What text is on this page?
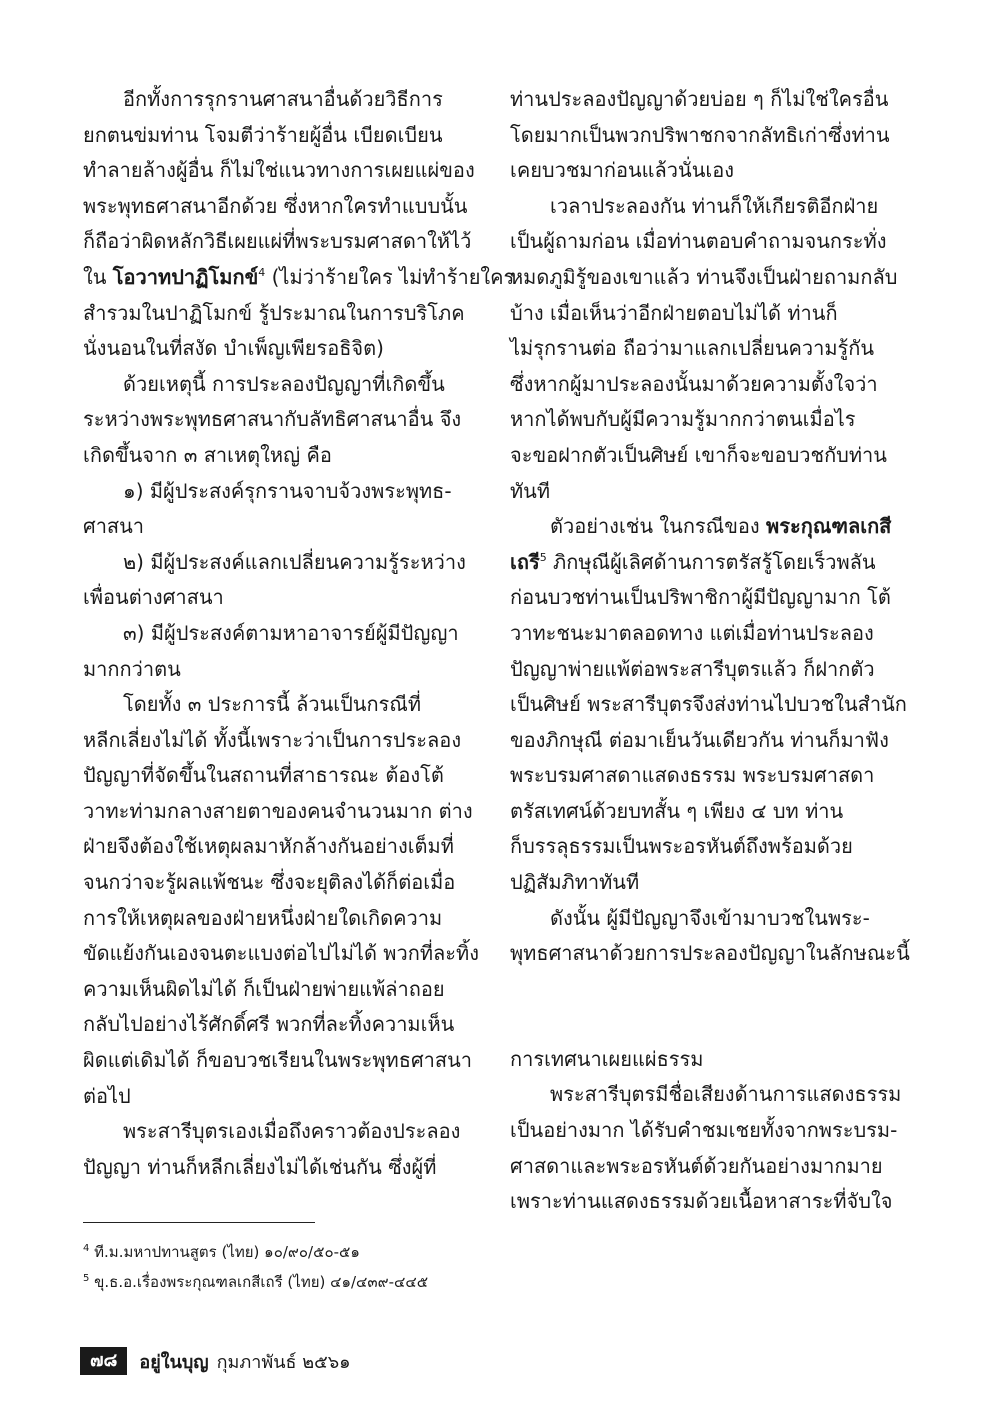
อีกทั้งการรุกรานศาสนาอื่นด้วยวิธีการ
ยกตนข่มท่าน โจมตีว่าร้ายผู้อื่น เบียดเบียน
ทำลายล้างผู้อื่น ก็ไม่ใช่แนวทางการเผยแผ่ของ
พระพุทธศาสนาอีกด้วย ซึ่งหากใครทำแบบนั้น
ก็ถือว่าผิดหลักวิธีเผยแผ่ที่พระบรมศาสดาให้ไว้
ใน โอวาทปาฏิโมกข์$^4$ (ไม่ว่าร้ายใคร ไม่ทำร้ายใคร
สำรวมในปาฏิโมกข์ รู้ประมาณในการบริโภค
นั่งนอนในที่สงัด บำเพ็ญเพียรอธิจิต)
ด้วยเหตุนี้ การประลองปัญญาที่เกิดขึ้น
ระหว่างพระพุทธศาสนากับลัทธิศาสนาอื่น จึง
เกิดขึ้นจาก ๓ สาเหตุใหญ่ คือ
๑) มีผู้ประสงค์รุกรานจาบจ้วงพระพุทธ-
ศาสนา
๒) มีผู้ประสงค์แลกเปลี่ยนความรู้ระหว่าง
เพื่อนต่างศาสนา
๓) มีผู้ประสงค์ตามหาอาจารย์ผู้มีปัญญา
มากกว่าตน
โดยทั้ง ๓ ประการนี้ ล้วนเป็นกรณีที่
หลีกเลี่ยงไม่ได้ ทั้งนี้เพราะว่าเป็นการประลอง
ปัญญาที่จัดขึ้นในสถานที่สาธารณะ ต้องโต้
วาทะท่ามกลางสายตาของคนจำนวนมาก ต่าง
ฝ่ายจึงต้องใช้เหตุผลมาหักล้างกันอย่างเต็มที่
จนกว่าจะรู้ผลแพ้ชนะ ซึ่งจะยุติลงได้ก็ต่อเมื่อ
การให้เหตุผลของฝ่ายหนึ่งฝ่ายใดเกิดความ
ขัดแย้งกันเองจนตะแบงต่อไปไม่ได้ พวกที่ละทิ้ง
ความเห็นผิดไม่ได้ ก็เป็นฝ่ายพ่ายแพ้ล่าถอย
กลับไปอย่างไร้ศักดิ์ศรี พวกที่ละทิ้งความเห็น
ผิดแต่เดิมได้ ก็ขอบวชเรียนในพระพุทธศาสนา
ต่อไป
พระสารีบุตรเองเมื่อถึงคราวต้องประลอง
ปัญญา ท่านก็หลีกเลี่ยงไม่ได้เช่นกัน ซึ่งผู้ที่
ท่านประลองปัญญาด้วยบ่อย ๆ ก็ไม่ใช่ใครอื่น
โดยมากเป็นพวกปริพาชกจากลัทธิเก่าซึ่งท่าน
เคยบวชมาก่อนแล้วนั่นเอง
เวลาประลองกัน ท่านก็ให้เกียรติอีกฝ่าย
เป็นผู้ถามก่อน เมื่อท่านตอบคำถามจนกระทั่ง
หมดภูมิรู้ของเขาแล้ว ท่านจึงเป็นฝ่ายถามกลับ
บ้าง เมื่อเห็นว่าอีกฝ่ายตอบไม่ได้ ท่านก็
ไม่รุกรานต่อ ถือว่ามาแลกเปลี่ยนความรู้กัน
ซึ่งหากผู้มาประลองนั้นมาด้วยความตั้งใจว่า
หากได้พบกับผู้มีความรู้มากกว่าตนเมื่อไร
จะขอฝากตัวเป็นศิษย์ เขาก็จะขอบวชกับท่าน
ทันที
ตัวอย่างเช่น ในกรณีของ พระกุณฑลเกสี
เถรี$^5$ ภิกษุณีผู้เลิศด้านการตรัสรู้โดยเร็วพลัน
ก่อนบวชท่านเป็นปริพาชิกาผู้มีปัญญามาก โต้
วาทะชนะมาตลอดทาง แต่เมื่อท่านประลอง
ปัญญาพ่ายแพ้ต่อพระสารีบุตรแล้ว ก็ฝากตัว
เป็นศิษย์ พระสารีบุตรจึงส่งท่านไปบวชในสำนัก
ของภิกษุณี ต่อมาเย็นวันเดียวกัน ท่านก็มาฟัง
พระบรมศาสดาแสดงธรรม พระบรมศาสดา
ตรัสเทศน์ด้วยบทสั้น ๆ เพียง ๔ บท ท่าน
ก็บรรลุธรรมเป็นพระอรหันต์ถึงพร้อมด้วย
ปฏิสัมภิทาทันที
ดังนั้น ผู้มีปัญญาจึงเข้ามาบวชในพระ-
พุทธศาสนาด้วยการประลองปัญญาในลักษณะนี้
การเทศนาเผยแผ่ธรรม
พระสารีบุตรมีชื่อเสียงด้านการแสดงธรรม
เป็นอย่างมาก ได้รับคำชมเชยทั้งจากพระบรม-
ศาสดาและพระอรหันต์ด้วยกันอย่างมากมาย
เพราะท่านแสดงธรรมด้วยเนื้อหาสาระที่จับใจ
$^4$ ที.ม.มหาปทานสูตร (ไทย) ๑๐/๙๐/๕๐-๕๑
$^5$ ขุ.ธ.อ.เรื่องพระกุณฑลเกสีเถรี (ไทย) ๔๑/๔๓๙-๔๔๕
๗๘	อยู่ในบุญ กุมภาพันธ์ ๒๕๖๑
